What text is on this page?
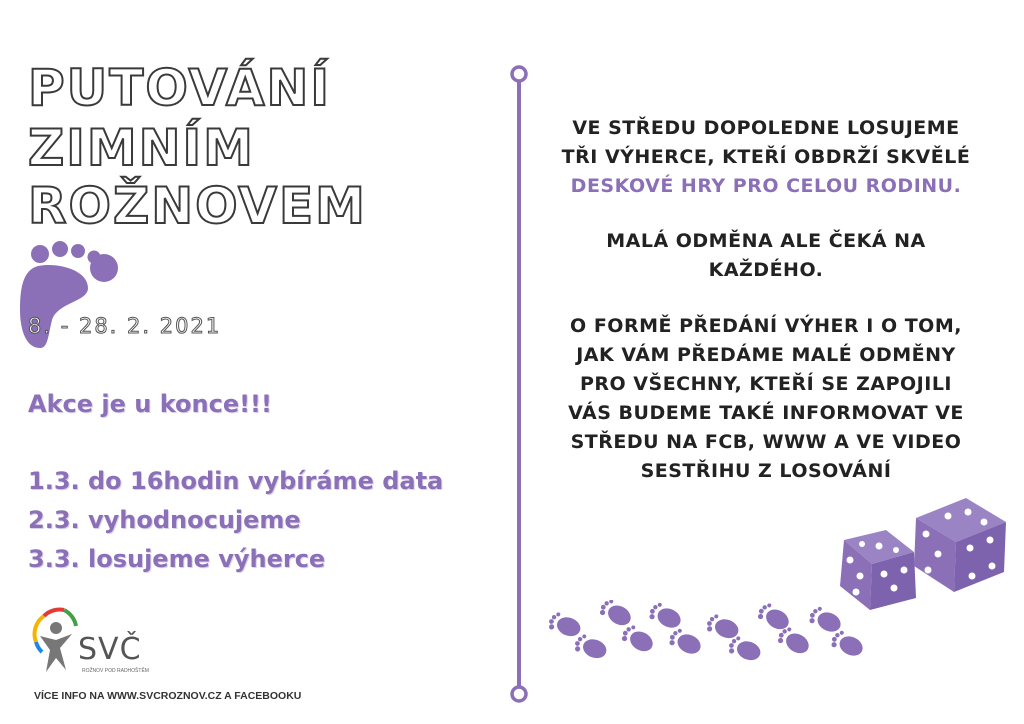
PUTOVÁNÍ
ZIMNÍM
ROŽNOVEM
8. - 28. 2. 2021
Akce je u konce!!!
1.3. do 16hodin vybíráme data
2.3. vyhodnocujeme
3.3. losujeme výherce
SVČ
ROŽNOV POD RADHOŠTĚM
VÍCE INFO NA WWW.SVCROZNOV.CZ A FACEBOOKU

VE STŘEDU DOPOLEDNE LOSUJEME

TŘI VÝHERCE, KTEŘÍ OBDRŽÍ SKVĚLÉ

DESKOVÉ HRY PRO CELOU RODINU.

MALÁ ODMĚNA ALE ČEKÁ NA

KAŽDÉHO.

O FORMĚ PŘEDÁNÍ VÝHER I O TOM,

JAK VÁM PŘEDÁME MALÉ ODMĚNY

PRO VŠECHNY, KTEŘÍ SE ZAPOJILI

VÁS BUDEME TAKÉ INFORMOVAT VE

STŘEDU NA FCB, WWW A VE VIDEO

SESTŘIHU Z LOSOVÁNÍ
